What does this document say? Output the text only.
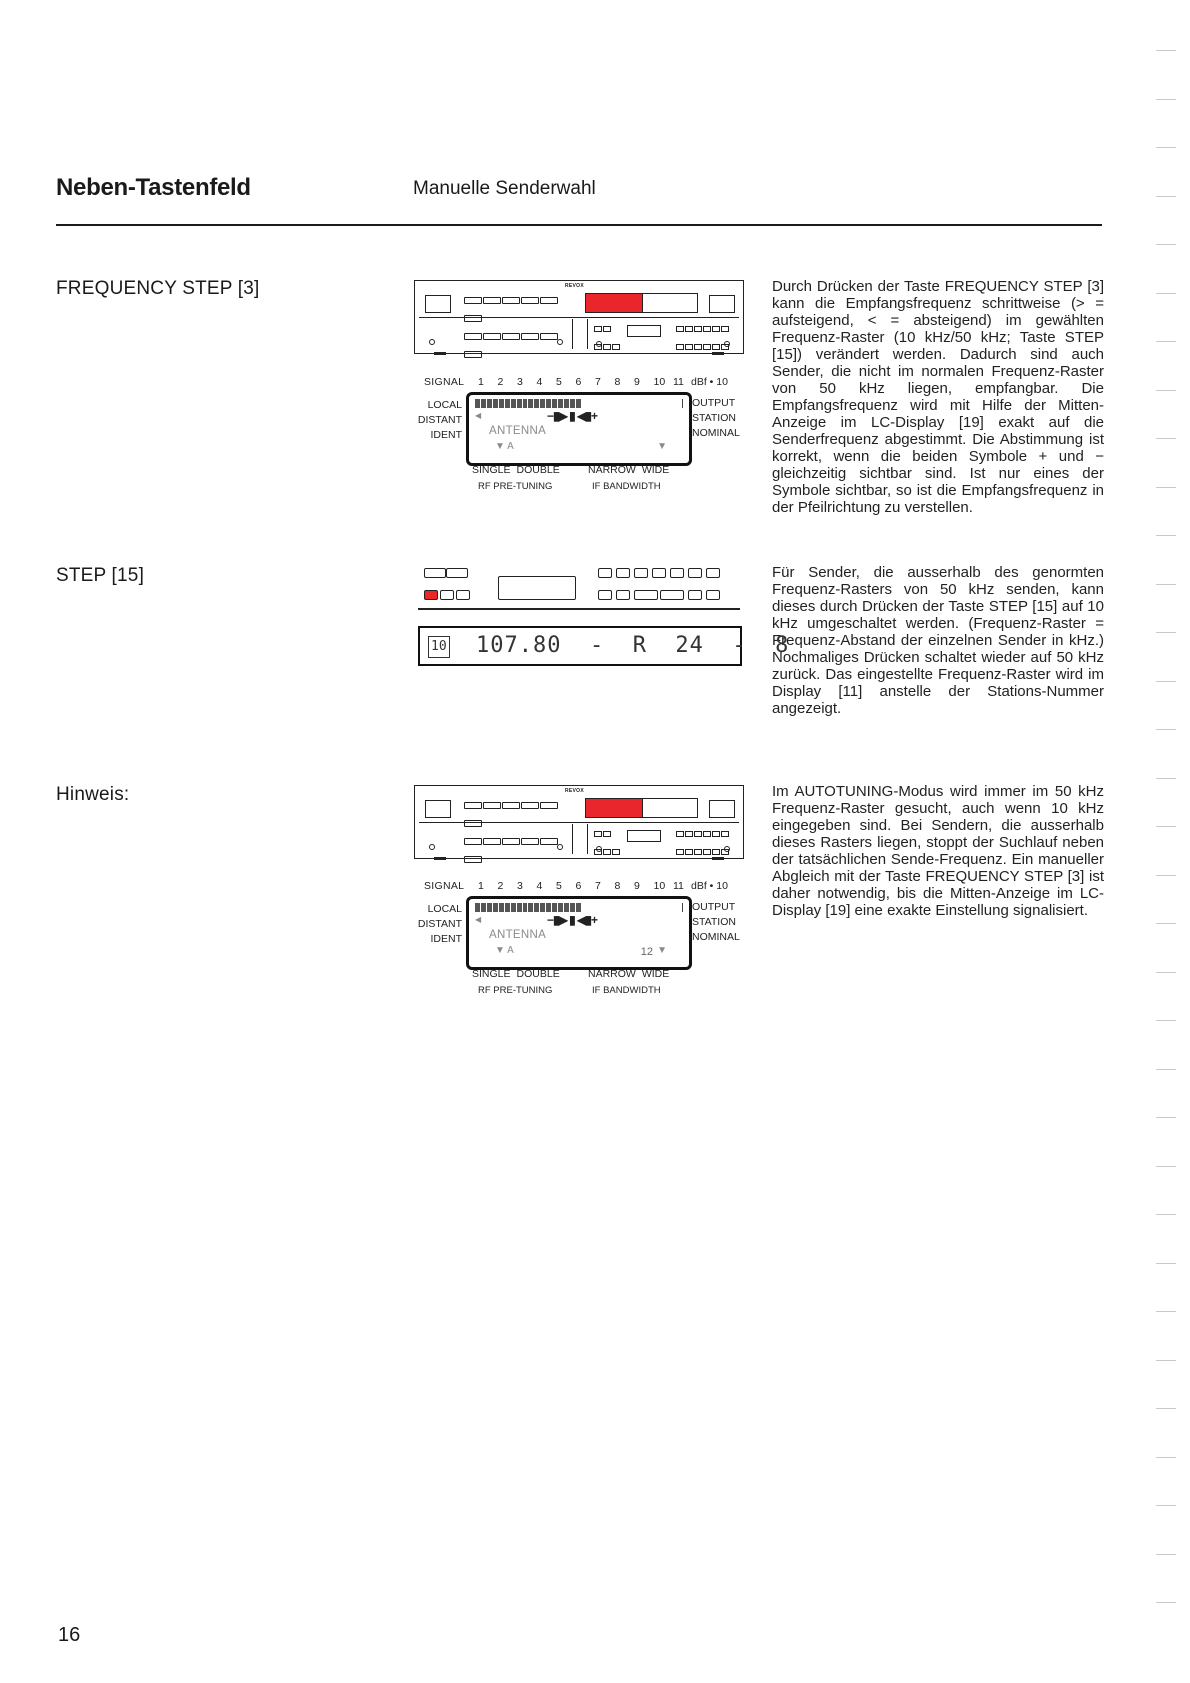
Neben-Tastenfeld	Manuelle Senderwahl
FREQUENCY STEP [3]
STEP [15]
Hinweis:

Durch Drücken der Taste FREQUENCY STEP [3] kann die Empfangsfrequenz schrittweise (> = aufsteigend, < = absteigend) im gewählten Frequenz-Raster (10 kHz/50 kHz; Taste STEP [15]) verändert werden. Dadurch sind auch Sender, die nicht im normalen Frequenz-Raster von 50 kHz liegen, empfangbar. Die Empfangsfrequenz wird mit Hilfe der Mitten-Anzeige im LC-Display [19] exakt auf die Senderfrequenz abgestimmt. Die Abstimmung ist korrekt, wenn die beiden Symbole + und − gleichzeitig sichtbar sind. Ist nur eines der Symbole sichtbar, so ist die Empfangsfrequenz in der Pfeilrichtung zu verstellen.

Für Sender, die ausserhalb des genormten Frequenz-Rasters von 50 kHz senden, kann dieses durch Drücken der Taste STEP [15] auf 10 kHz umgeschaltet werden. (Frequenz-Raster = Frequenz-Abstand der einzelnen Sender in kHz.) Nochmaliges Drücken schaltet wieder auf 50 kHz zurück. Das eingestellte Frequenz-Raster wird im Display [11] anstelle der Stations-Nummer angezeigt.

Im AUTOTUNING-Modus wird immer im 50 kHz Frequenz-Raster gesucht, auch wenn 10 kHz eingegeben sind. Bei Sendern, die ausserhalb dieses Rasters liegen, stoppt der Suchlauf neben der tatsächlichen Sende-Frequenz. Ein manueller Abgleich mit der Taste FREQUENCY STEP [3] ist daher notwendig, bis die Mitten-Anzeige im LC-Display [19] eine exakte Einstellung signalisiert.

REVOX

SIGNAL 1 2 3 4 5 6 7 8 9 10 11 dBf • 10
LOCAL
DISTANT
IDENT
◀	−▮▶ ▮ ◀▮+
ANTENNA
▼ A	▼
OUTPUT
STATION
NOMINAL
SINGLE DOUBLE	NARROW WIDE
RF PRE-TUNING	IF BANDWIDTH

10

107.80  -  R  24  -  8

REVOX

SIGNAL 1 2 3 4 5 6 7 8 9 10 11 dBf • 10
LOCAL
DISTANT
IDENT
◀	−▮▶ ▮ ◀▮+
ANTENNA
▼ A	12 ▼
OUTPUT
STATION
NOMINAL
SINGLE DOUBLE	NARROW WIDE
RF PRE-TUNING	IF BANDWIDTH
16
